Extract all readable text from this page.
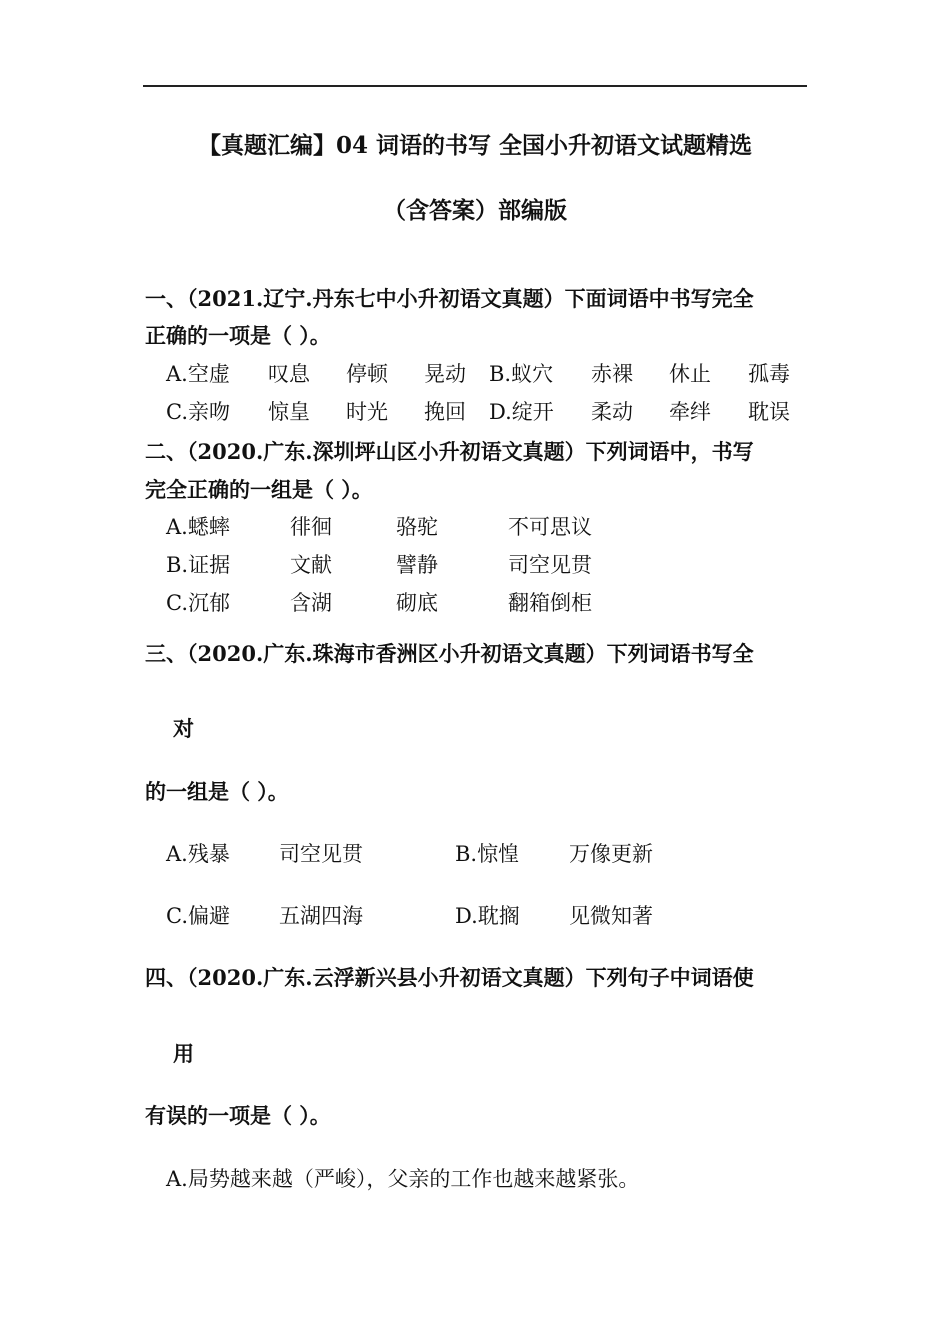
【真题汇编】04 词语的书写 全国小升初语文试题精选
（含答案）部编版
一、（2021.辽宁.丹东七中小升初语文真题）下面词语中书写完全
正确的一项是（ ）。
A.空虚 叹息 停顿 晃动 B.蚁穴 赤裸 休止 孤毒
C.亲吻 惊皇 时光 挽回 D.绽开 柔动 牵绊 耽误
二、（2020.广东.深圳坪山区小升初语文真题）下列词语中，书写
完全正确的一组是（ ）。
A.蟋蟀	徘徊	骆驼	不可思议
B.证据	文献	譬静	司空见贯
C.沉郁	含湖	砌底	翻箱倒柜
三、（2020.广东.珠海市香洲区小升初语文真题）下列词语书写全
对
的一组是（ ）。
A.残暴 司空见贯	B.惊惶 万像更新
C.偏避 五湖四海	D.耽搁 见微知著
四、（2020.广东.云浮新兴县小升初语文真题）下列句子中词语使
用
有误的一项是（ ）。
A.局势越来越（严峻），父亲的工作也越来越紧张。
